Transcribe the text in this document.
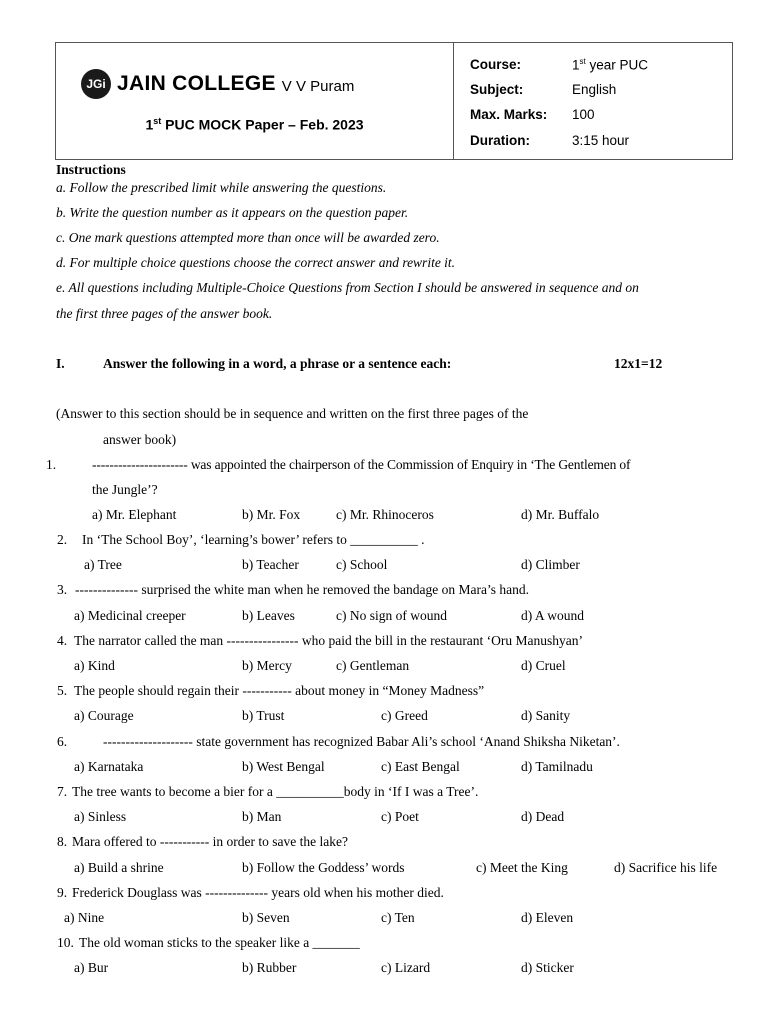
JGi JAIN COLLEGE V V Puram
1st PUC MOCK Paper – Feb. 2023
Course:	1st year PUC
Subject:	English
Max. Marks:	100
Duration:	3:15 hour
Instructions
a. Follow the prescribed limit while answering the questions.
b. Write the question number as it appears on the question paper.
c. One mark questions attempted more than once will be awarded zero.
d. For multiple choice questions choose the correct answer and rewrite it.
e. All questions including Multiple-Choice Questions from Section I should be answered in sequence and on
the first three pages of the answer book.
I.	Answer the following in a word, a phrase or a sentence each:	12x1=12
(Answer to this section should be in sequence and written on the first three pages of the
answer book)
1.	---------------------- was appointed the chairperson of the Commission of Enquiry in ‘The Gentlemen of
the Jungle’?
a) Mr. Elephant	b) Mr. Fox	c) Mr. Rhinoceros	d) Mr. Buffalo
2. In ‘The School Boy’, ‘learning’s bower’ refers to __________ .
a) Tree	b) Teacher	c) School	d) Climber
3. -------------- surprised the white man when he removed the bandage on Mara’s hand.
a) Medicinal creeper	b) Leaves	c) No sign of wound	d) A wound
4. The narrator called the man ---------------- who paid the bill in the restaurant ‘Oru Manushyan’
a) Kind	b) Mercy	c) Gentleman	d) Cruel
5. The people should regain their ----------- about money in “Money Madness”
a) Courage	b) Trust	c) Greed	d) Sanity
6.	-------------------- state government has recognized Babar Ali’s school ‘Anand Shiksha Niketan’.
a) Karnataka	b) West Bengal	c) East Bengal	d) Tamilnadu
7. The tree wants to become a bier for a __________body in ‘If I was a Tree’.
a) Sinless	b) Man	c) Poet	d) Dead
8. Mara offered to ----------- in order to save the lake?
a) Build a shrine	b) Follow the Goddess’ words	c) Meet the King	d) Sacrifice his life
9. Frederick Douglass was -------------- years old when his mother died.
a) Nine	b) Seven	c) Ten	d) Eleven
10. The old woman sticks to the speaker like a _______
a) Bur	b) Rubber	c) Lizard	d) Sticker
